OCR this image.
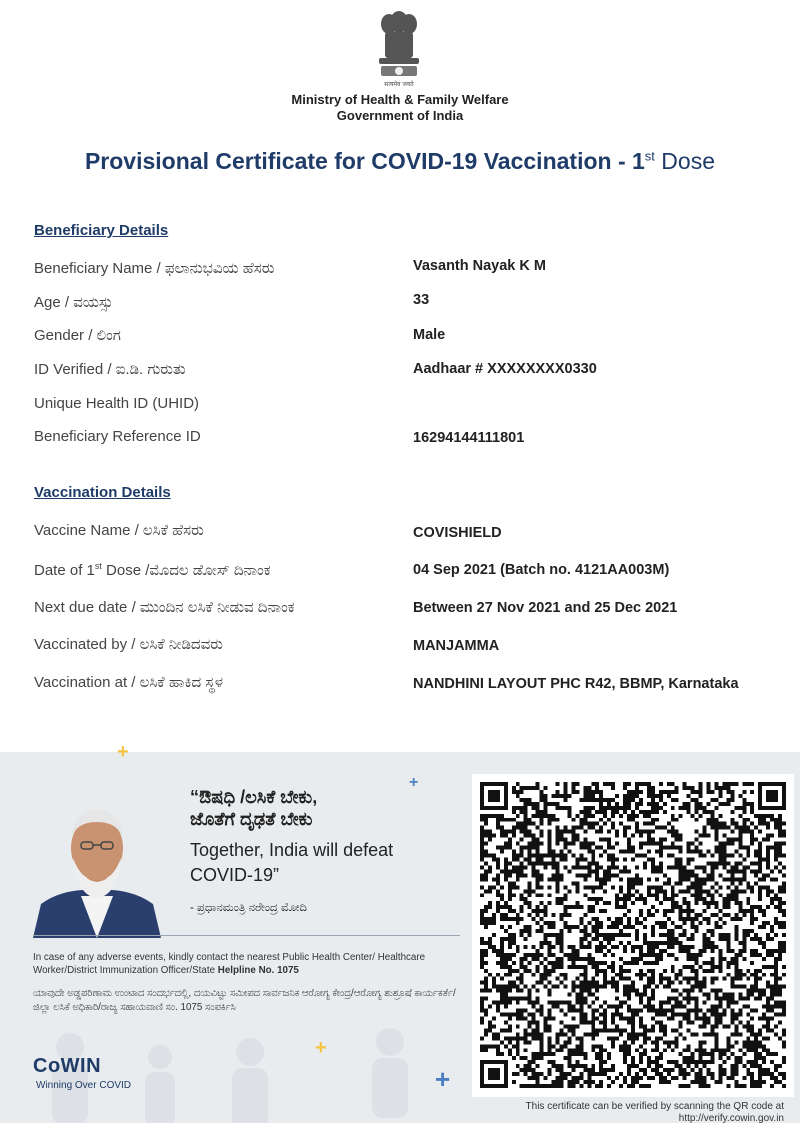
सत्यमेव जयते
Ministry of Health & Family Welfare
Government of India
Provisional Certificate for COVID-19 Vaccination - 1st Dose
Beneficiary Details
Beneficiary Name / ಫಲಾನುಭವಿಯ ಹೆಸರು	Vasanth Nayak K M
Age / ವಯಸ್ಸು	33
Gender / ಲಿಂಗ	Male
ID Verified / ಐ.ಡಿ. ಗುರುತು	Aadhaar # XXXXXXXX0330
Unique Health ID (UHID)
Beneficiary Reference ID	16294144111801
Vaccination Details
Vaccine Name / ಲಸಿಕೆ ಹೆಸರು	COVISHIELD
Date of 1st Dose /ಮೊದಲ ಡೋಸ್ ದಿನಾಂಕ	04 Sep 2021 (Batch no. 4121AA003M)
Next due date / ಮುಂದಿನ ಲಸಿಕೆ ನೀಡುವ ದಿನಾಂಕ	Between 27 Nov 2021 and 25 Dec 2021
Vaccinated by / ಲಸಿಕೆ ನೀಡಿದವರು	MANJAMMA
Vaccination at / ಲಸಿಕೆ ಹಾಕಿದ ಸ್ಥಳ	NANDHINI LAYOUT PHC R42, BBMP, Karnataka
+
+
+
+
“ಔಷಧಿ /ಲಸಿಕೆ ಬೇಕು,
ಜೊತೆಗೆ ದೃಢತೆ ಬೇಕು
Together, India will defeat COVID-19”
- ಪ್ರಧಾನಮಂತ್ರಿ ನರೇಂದ್ರ ಮೋದಿ
In case of any adverse events, kindly contact the nearest Public Health Center/ Healthcare Worker/District Immunization Officer/State Helpline No. 1075
ಯಾವುದೇ ಅಡ್ಡಪರಿಣಾಮ ಉಂಟಾದ ಸಂದರ್ಭದಲ್ಲಿ, ದಯವಿಟ್ಟು ಸಮೀಪದ ಸಾರ್ವಜನಿಕ ಆರೋಗ್ಯ ಕೇಂದ್ರ/ಆರೋಗ್ಯ ಶುಶ್ರೂಷೆ ಕಾರ್ಯಕರ್ತೆ/ ಜಿಲ್ಲಾ ಲಸಿಕೆ ಅಧಿಕಾರಿ/ರಾಜ್ಯ ಸಹಾಯವಾಣಿ ಸಂ. 1075 ಸಂಪರ್ಕಿಸಿ
CoWIN
Winning Over COVID
This certificate can be verified by scanning the QR code at
http://verify.cowin.gov.in
